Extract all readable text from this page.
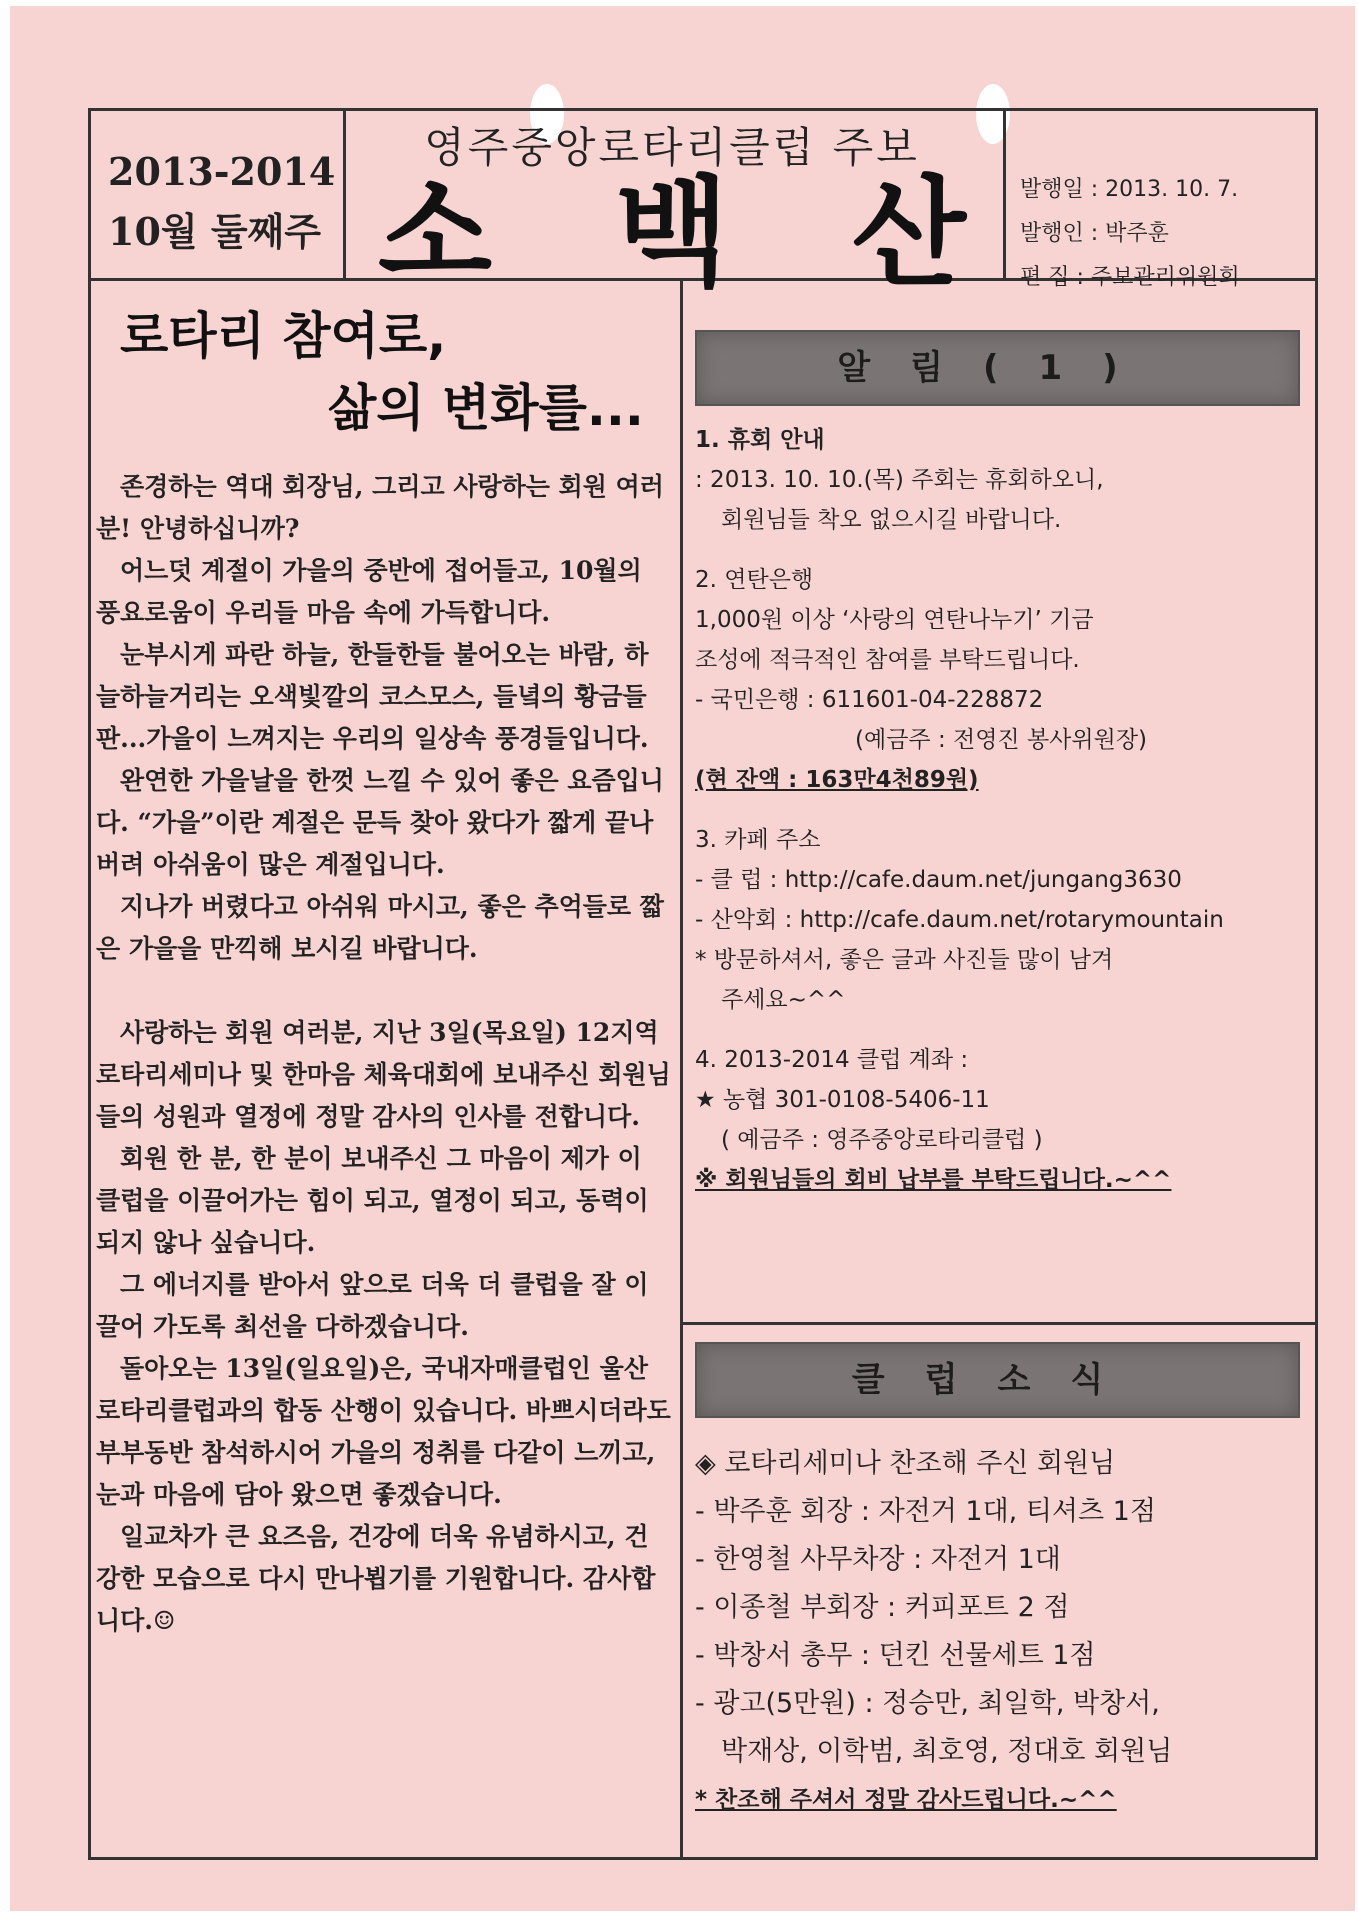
2013-2014
10월 둘째주
영주중앙로타리클럽 주보
소 백 산 발행일 : 2013. 10. 7.
발행인 : 박주훈
편 집 : 주보관리위원회
로타리 참여로,
삶의 변화를...

존경하는 역대 회장님, 그리고 사랑하는 회원 여러분! 안녕하십니까?

어느덧 계절이 가을의 중반에 접어들고, 10월의 풍요로움이 우리들 마음 속에 가득합니다.

눈부시게 파란 하늘, 한들한들 불어오는 바람, 하늘하늘거리는 오색빛깔의 코스모스, 들녘의 황금들판...가을이 느껴지는 우리의 일상속 풍경들입니다.

완연한 가을날을 한껏 느낄 수 있어 좋은 요즘입니다. “가을”이란 계절은 문득 찾아 왔다가 짧게 끝나버려 아쉬움이 많은 계절입니다.

지나가 버렸다고 아쉬워 마시고, 좋은 추억들로 짧은 가을을 만끽해 보시길 바랍니다.

사랑하는 회원 여러분, 지난 3일(목요일) 12지역 로타리세미나 및 한마음 체육대회에 보내주신 회원님들의 성원과 열정에 정말 감사의 인사를 전합니다.

회원 한 분, 한 분이 보내주신 그 마음이 제가 이 클럽을 이끌어가는 힘이 되고, 열정이 되고, 동력이 되지 않나 싶습니다.

그 에너지를 받아서 앞으로 더욱 더 클럽을 잘 이끌어 가도록 최선을 다하겠습니다.

돌아오는 13일(일요일)은, 국내자매클럽인 울산로타리클럽과의 합동 산행이 있습니다. 바쁘시더라도 부부동반 참석하시어 가을의 정취를 다같이 느끼고, 눈과 마음에 담아 왔으면 좋겠습니다.

일교차가 큰 요즈음, 건강에 더욱 유념하시고, 건강한 모습으로 다시 만나뵙기를 기원합니다. 감사합니다.☺

알림(1)
1. 휴회 안내
: 2013. 10. 10.(목) 주회는 휴회하오니,
회원님들 착오 없으시길 바랍니다.
2. 연탄은행
1,000원 이상 ‘사랑의 연탄나누기’ 기금
조성에 적극적인 참여를 부탁드립니다.
- 국민은행 : 611601-04-228872
(예금주 : 전영진 봉사위원장)
(현 잔액 : 163만4천89원)
3. 카페 주소
- 클 럽 : http://cafe.daum.net/jungang3630
- 산악회 : http://cafe.daum.net/rotarymountain
* 방문하셔서, 좋은 글과 사진들 많이 남겨
주세요~^^
4. 2013-2014 클럽 계좌 :
★ 농협 301-0108-5406-11
( 예금주 : 영주중앙로타리클럽 )
※ 회원님들의 회비 납부를 부탁드립니다.~^^
클럽소식
◈ 로타리세미나 찬조해 주신 회원님
- 박주훈 회장 : 자전거 1대, 티셔츠 1점
- 한영철 사무차장 : 자전거 1대
- 이종철 부회장 : 커피포트 2 점
- 박창서 총무 : 던킨 선물세트 1점
- 광고(5만원) : 정승만, 최일학, 박창서,
박재상, 이학범, 최호영, 정대호 회원님
* 찬조해 주셔서 정말 감사드립니다.~^^
